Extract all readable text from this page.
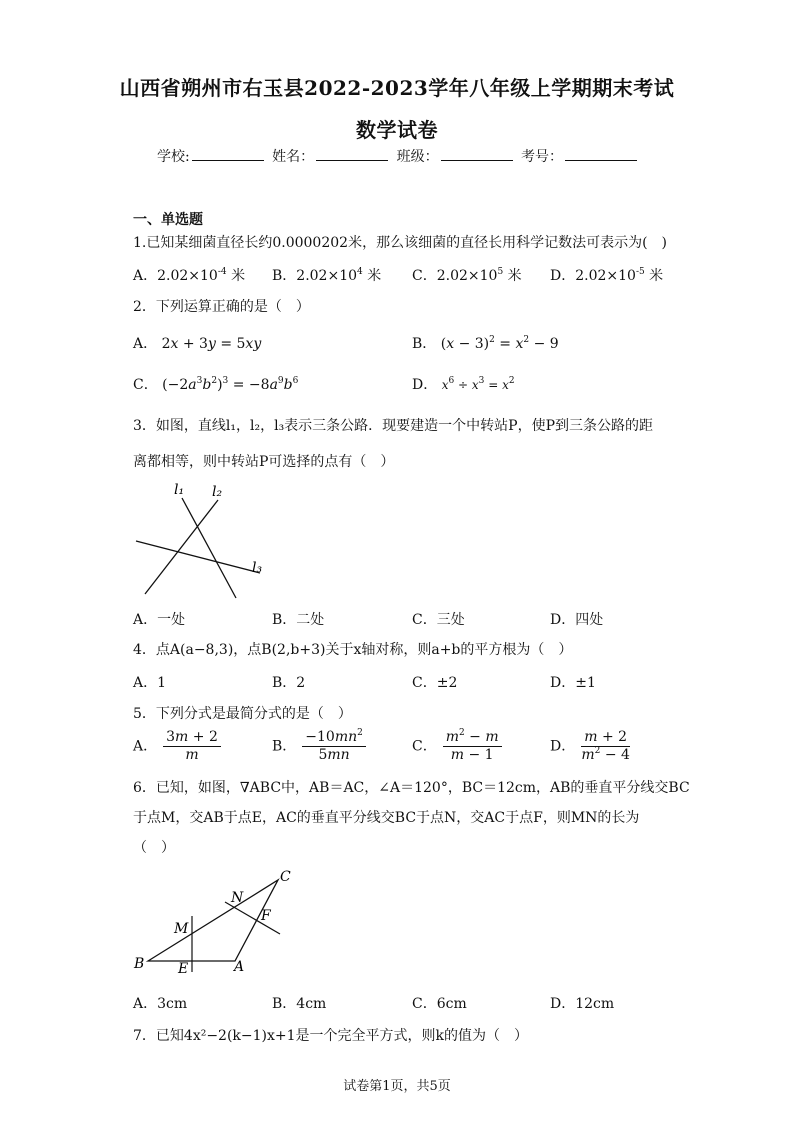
山西省朔州市右玉县2022-2023学年八年级上学期期末考试
数学试卷
学校:	姓名：	班级：	考号：
一、单选题
1.已知某细菌直径长约0.0000202米，那么该细菌的直径长用科学记数法可表示为(　)
A．$2.02\times 10^{-4}$ 米 B．$2.02\times 10^4$ 米 C．$2.02\times 10^5$ 米 D．$2.02\times 10^{-5}$ 米
2．下列运算正确的是（　）
A． 2x + 3y = 5xy	B． $(x - 3)^2 = x^2 - 9$
C． $(-2a^3b^2)^3 = -8a^9b^6$	D． $x^6 \div x^3 = x^2$
3．如图，直线l₁，l₂，l₃表示三条公路．现要建造一个中转站P，使P到三条公路的距
离都相等，则中转站P可选择的点有（　）
l₁ l₂
l₃
A．一处	B．二处	C．三处	D．四处
4．点A(a−8,3)，点B(2,b+3)关于x轴对称，则a+b的平方根为（　）
A．1	B．2	C．±2	D．±1
5．下列分式是最简分式的是（　）
A． $\frac{3m + 2}{m}$	B． $\frac{-10mn^2}{5mn}$	C． $\frac{m^2 - m}{m - 1}$	D． $\frac{m + 2}{m^2 - 4}$
6．已知，如图，∇ABC中，AB＝AC，∠A＝120°，BC＝12cm，AB的垂直平分线交BC
于点M，交AB于点E，AC的垂直平分线交BC于点N，交AC于点F，则MN的长为
（　）
C
N
F
M
B E	A
A．3cm	B．4cm	C．6cm	D．12cm
7．已知4x²−2(k−1)x+1是一个完全平方式，则k的值为（　）
试卷第1页，共5页
